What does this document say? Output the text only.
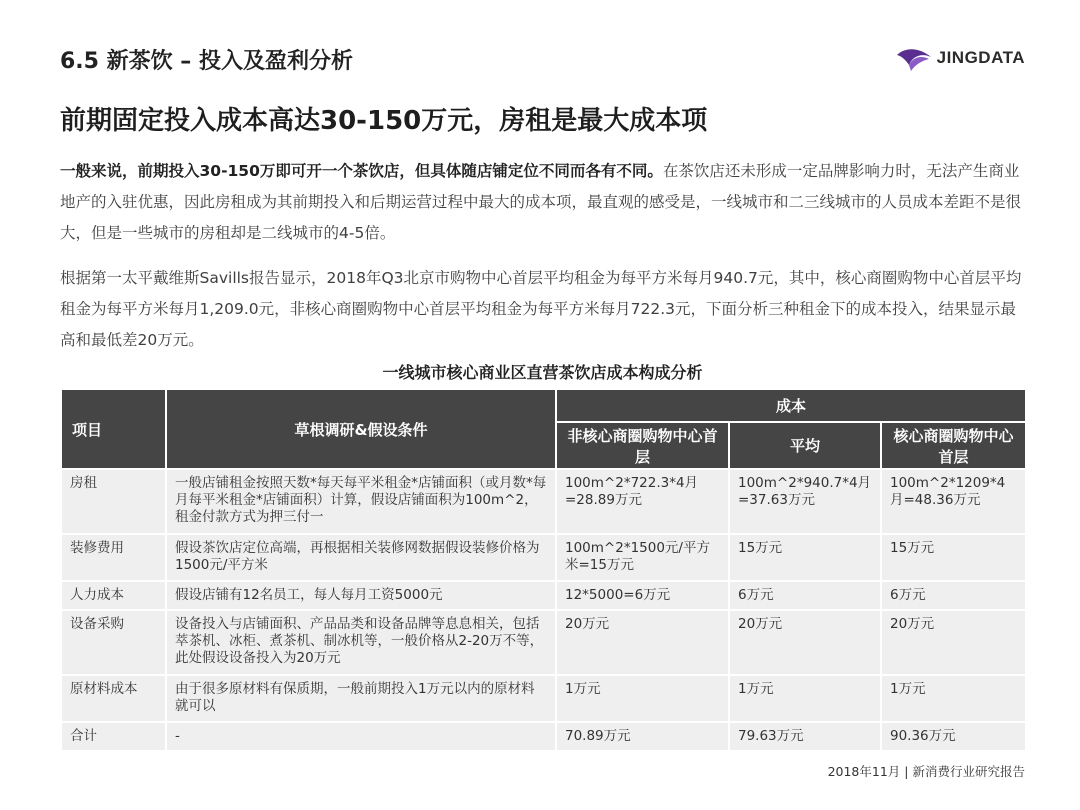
6.5 新茶饮 – 投入及盈利分析	JINGDATA
前期固定投入成本高达30-150万元，房租是最大成本项

一般来说，前期投入30-150万即可开一个茶饮店，但具体随店铺定位不同而各有不同。在茶饮店还未形成一定品牌影响力时，无法产生商业地产的入驻优惠，因此房租成为其前期投入和后期运营过程中最大的成本项，最直观的感受是，一线城市和二三线城市的人员成本差距不是很大，但是一些城市的房租却是二线城市的4-5倍。

根据第一太平戴维斯Savills报告显示，2018年Q3北京市购物中心首层平均租金为每平方米每月940.7元，其中，核心商圈购物中心首层平均租金为每平方米每月1,209.0元，非核心商圈购物中心首层平均租金为每平方米每月722.3元，下面分析三种租金下的成本投入，结果显示最高和最低差20万元。

一线城市核心商业区直营茶饮店成本构成分析
项目	草根调研&假设条件	成本		
		非核心商圈购物中心首层	平均	核心商圈购物中心首层
房租	一般店铺租金按照天数*每天每平米租金*店铺面积（或月数*每月每平米租金*店铺面积）计算，假设店铺面积为100m^2，租金付款方式为押三付一	100m^2*722.3*4月=28.89万元	100m^2*940.7*4月=37.63万元	100m^2*1209*4月=48.36万元
装修费用	假设茶饮店定位高端，再根据相关装修网数据假设装修价格为1500元/平方米	100m^2*1500元/平方米=15万元	15万元	15万元
人力成本	假设店铺有12名员工，每人每月工资5000元	12*5000=6万元	6万元	6万元
设备采购	设备投入与店铺面积、产品品类和设备品牌等息息相关，包括萃茶机、冰柜、煮茶机、制冰机等，一般价格从2-20万不等，此处假设设备投入为20万元	20万元	20万元	20万元
原材料成本	由于很多原材料有保质期，一般前期投入1万元以内的原材料就可以	1万元	1万元	1万元
合计	-	70.89万元	79.63万元	90.36万元
2018年11月 | 新消费行业研究报告
